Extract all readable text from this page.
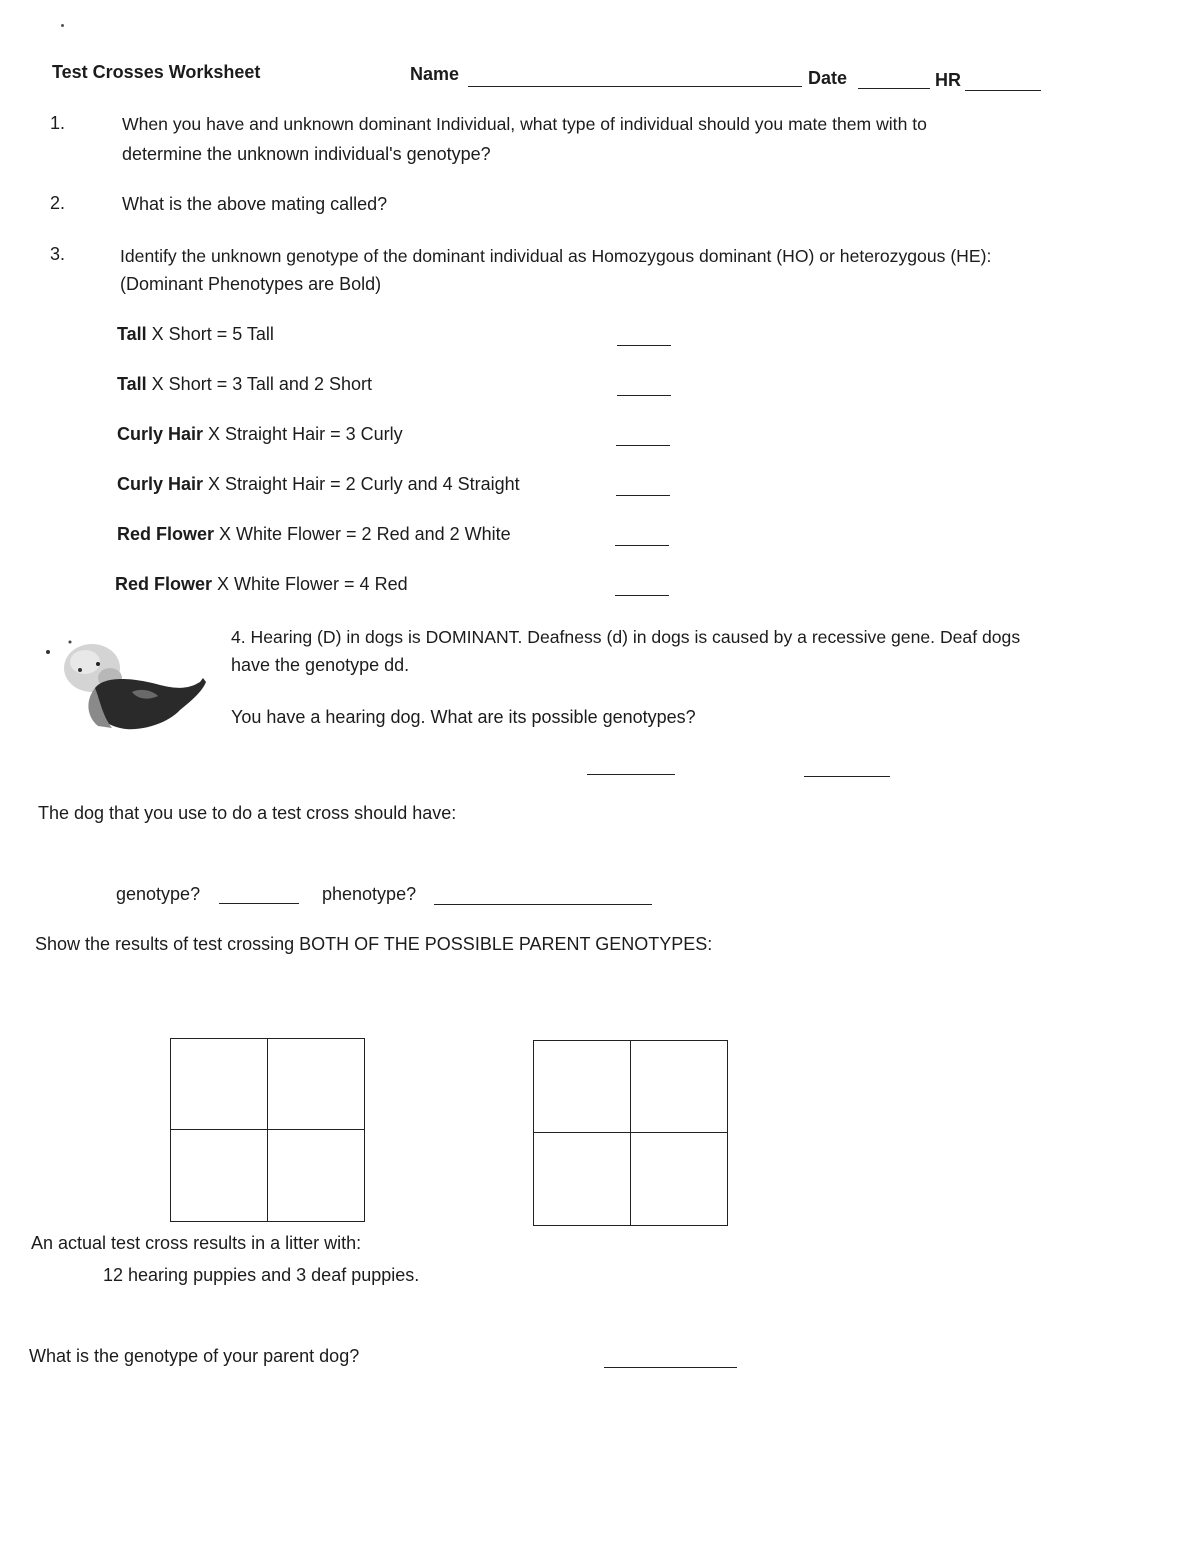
Test Crosses Worksheet	Name	Date	HR
1.	When you have and unknown dominant Individual, what type of individual should you mate them with to
determine the unknown individual's genotype?
2.	What is the above mating called?
3.	Identify the unknown genotype of the dominant individual as Homozygous dominant (HO) or heterozygous (HE):
(Dominant Phenotypes are Bold)
Tall X Short = 5 Tall
Tall X Short = 3 Tall and 2 Short
Curly Hair X Straight Hair = 3 Curly
Curly Hair X Straight Hair = 2 Curly and 4 Straight
Red Flower X White Flower = 2 Red and 2 White
Red Flower X White Flower = 4 Red
4. Hearing (D) in dogs is DOMINANT. Deafness (d) in dogs is caused by a recessive gene. Deaf dogs
have the genotype dd.
You have a hearing dog. What are its possible genotypes?
The dog that you use to do a test cross should have:
genotype?	phenotype?
Show the results of test crossing BOTH OF THE POSSIBLE PARENT GENOTYPES:
An actual test cross results in a litter with:
12 hearing puppies and 3 deaf puppies.
What is the genotype of your parent dog?
